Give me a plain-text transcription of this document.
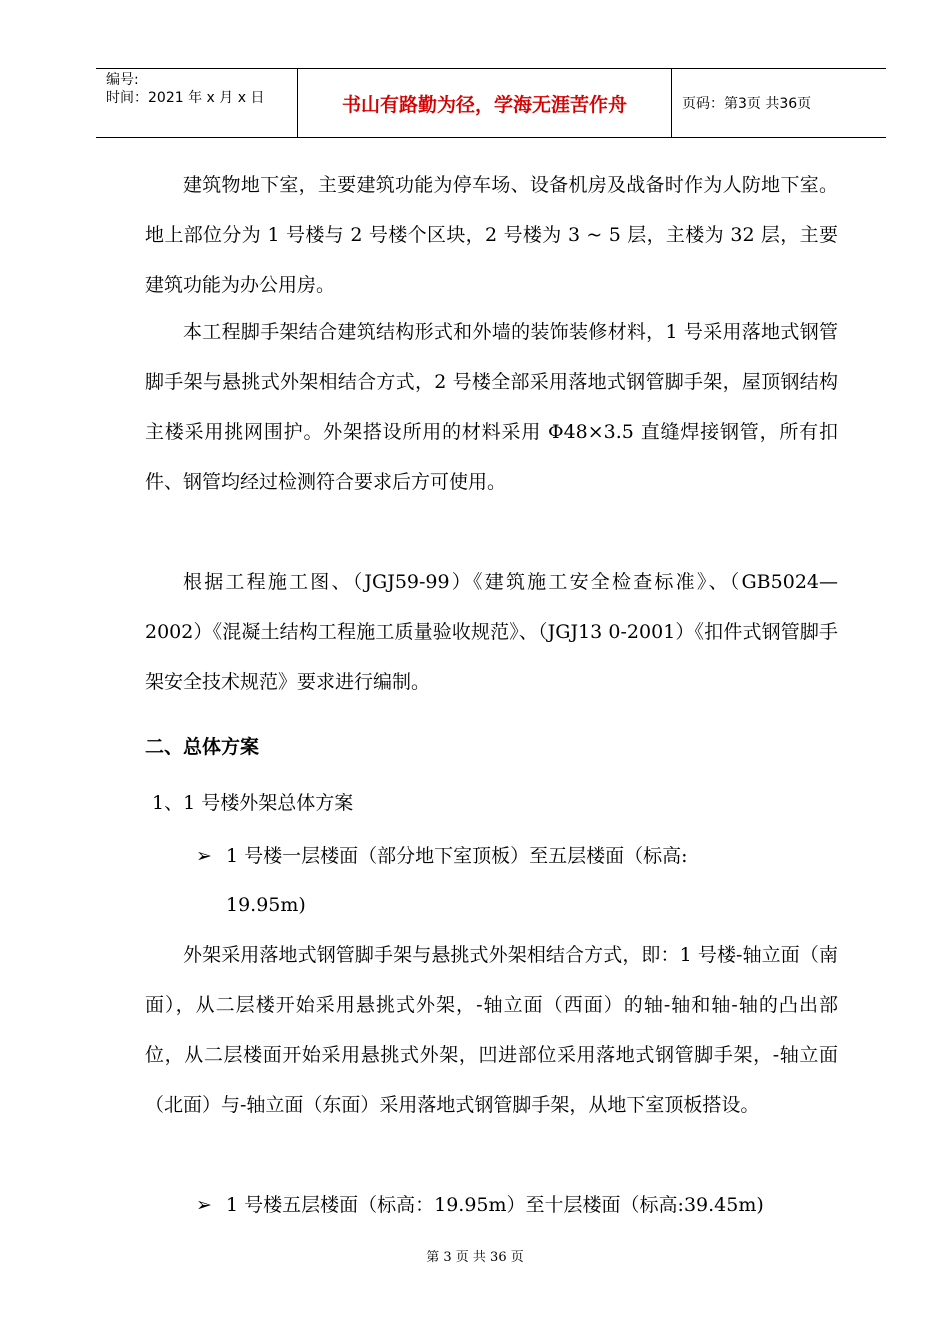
编号:
时间：2021 年 x 月 x 日	书山有路勤为径，学海无涯苦作舟	页码：第3页 共36页

建筑物地下室，主要建筑功能为停车场、设备机房及战备时作为人防地下室。地上部位分为 1 号楼与 2 号楼个区块，2 号楼为 3 ~ 5 层，主楼为 32 层，主要建筑功能为办公用房。

本工程脚手架结合建筑结构形式和外墙的装饰装修材料，1 号采用落地式钢管脚手架与悬挑式外架相结合方式，2 号楼全部采用落地式钢管脚手架，屋顶钢结构主楼采用挑网围护。外架搭设所用的材料采用 Φ48×3.5 直缝焊接钢管，所有扣件、钢管均经过检测符合要求后方可使用。

根据工程施工图、（JGJ59-99）《建筑施工安全检查标准》、（GB5024—2002）《混凝土结构工程施工质量验收规范》、（JGJ13 0-2001）《扣件式钢管脚手架安全技术规范》要求进行编制。

二、总体方案
1、1 号楼外架总体方案
➢ 1 号楼一层楼面（部分地下室顶板）至五层楼面（标高:
19.95m)

外架采用落地式钢管脚手架与悬挑式外架相结合方式，即：1 号楼-轴立面（南面），从二层楼开始采用悬挑式外架，-轴立面（西面）的轴-轴和轴-轴的凸出部位，从二层楼面开始采用悬挑式外架，凹进部位采用落地式钢管脚手架，-轴立面（北面）与-轴立面（东面）采用落地式钢管脚手架，从地下室顶板搭设。

➢ 1 号楼五层楼面（标高：19.95m）至十层楼面（标高:39.45m)
第 3 页 共 36 页
